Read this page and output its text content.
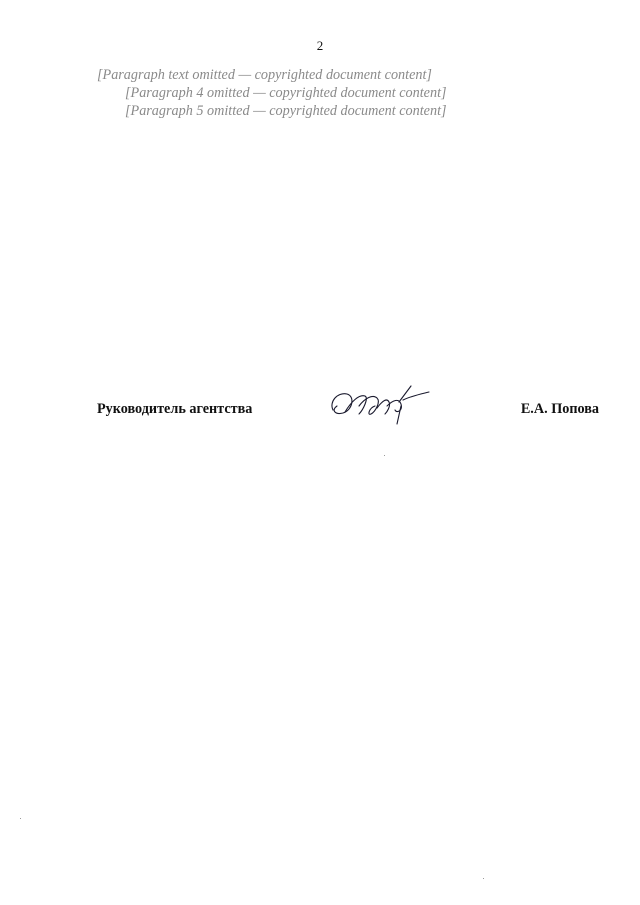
2

[Paragraph text omitted — copyrighted document content]

[Paragraph 4 omitted — copyrighted document content]

[Paragraph 5 omitted — copyrighted document content]

Руководитель агентства	Е.А. Попова
